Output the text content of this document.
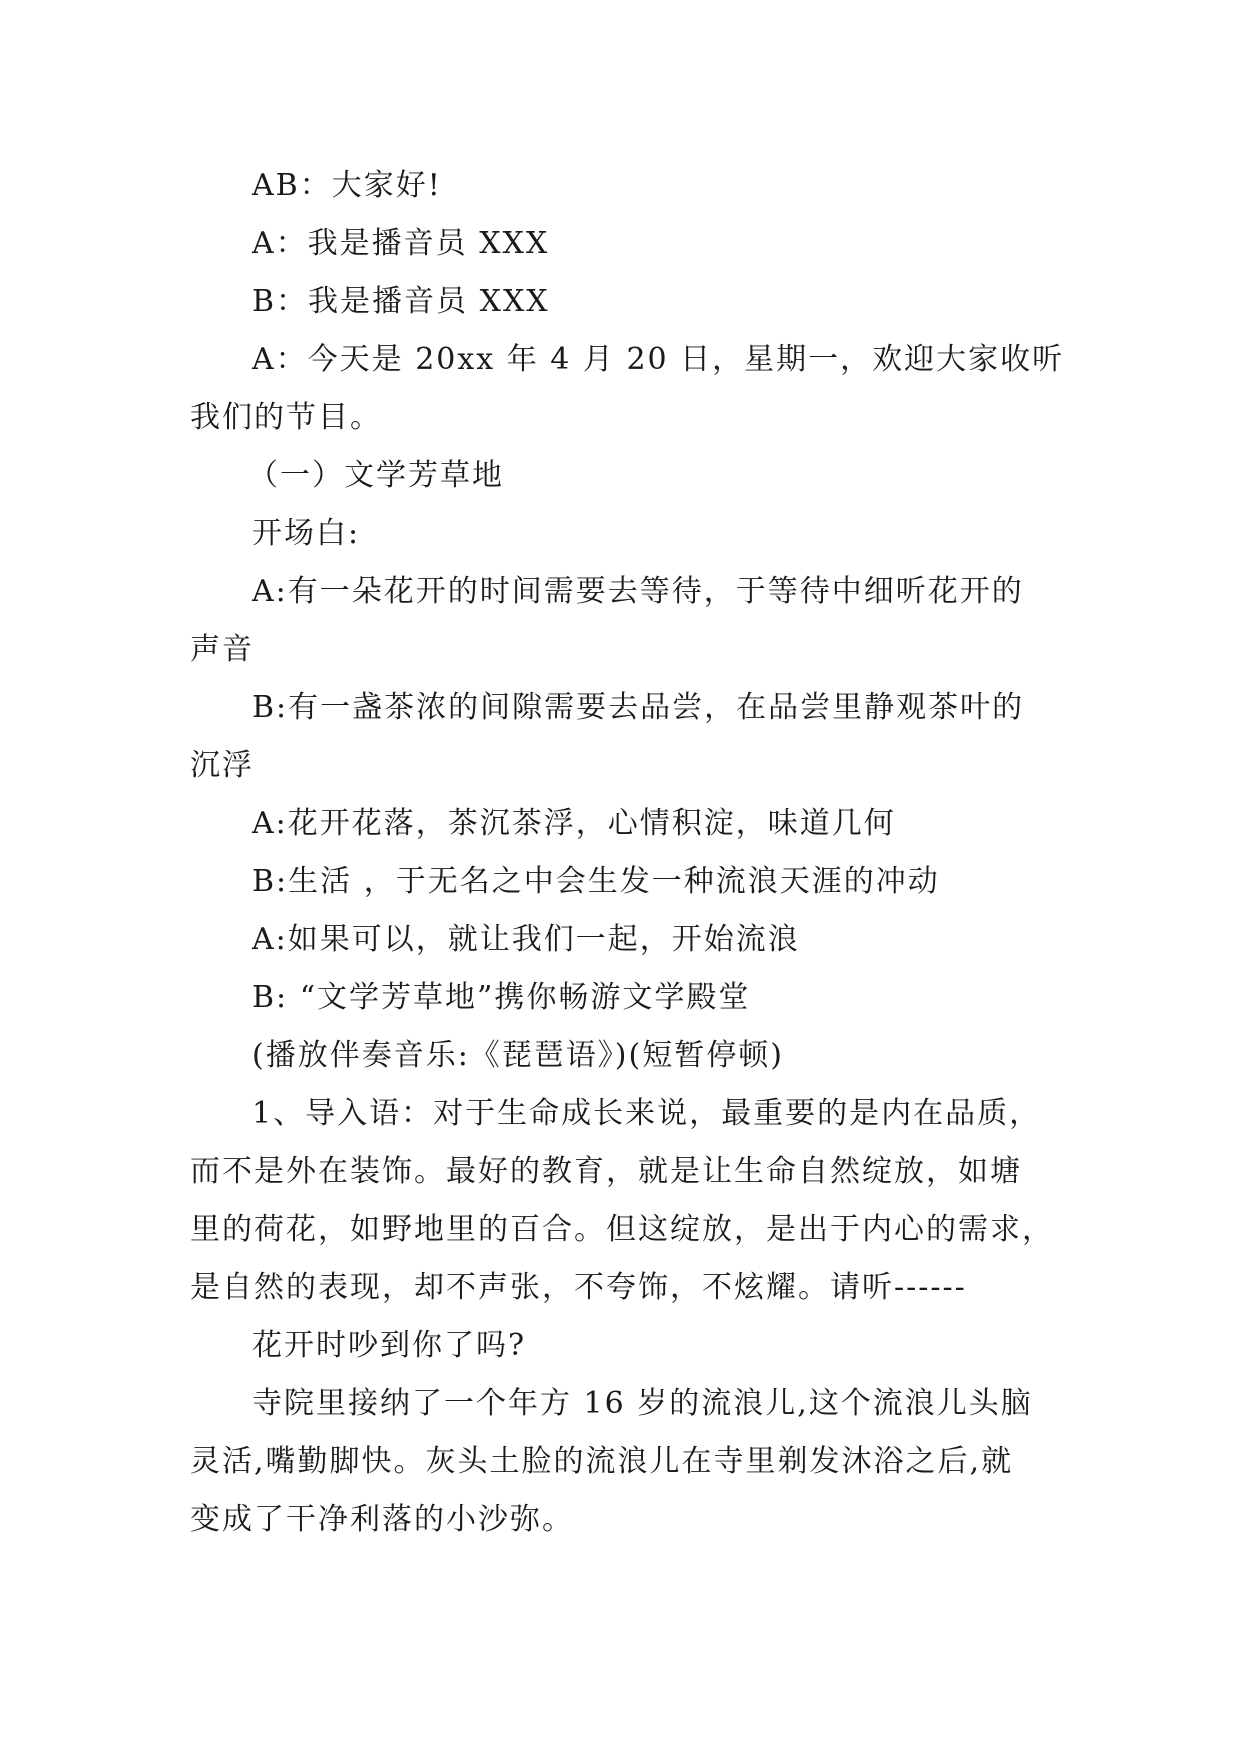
AB：大家好!
A：我是播音员 XXX
B：我是播音员 XXX
A：今天是 20xx 年 4 月 20 日，星期一，欢迎大家收听
我们的节目。
（一）文学芳草地
开场白:
A:有一朵花开的时间需要去等待，于等待中细听花开的
声音
B:有一盏茶浓的间隙需要去品尝，在品尝里静观茶叶的
沉浮
A:花开花落，茶沉茶浮，心情积淀，味道几何
B:生活 ，于无名之中会生发一种流浪天涯的冲动
A:如果可以，就让我们一起，开始流浪
B: “文学芳草地”携你畅游文学殿堂
(播放伴奏音乐:《琵琶语》)(短暂停顿)
1、导入语：对于生命成长来说，最重要的是内在品质，
而不是外在装饰。最好的教育，就是让生命自然绽放，如塘
里的荷花，如野地里的百合。但这绽放，是出于内心的需求，
是自然的表现，却不声张，不夸饰，不炫耀。请听------
花开时吵到你了吗?
寺院里接纳了一个年方 16 岁的流浪儿,这个流浪儿头脑
灵活,嘴勤脚快。灰头土脸的流浪儿在寺里剃发沐浴之后,就
变成了干净利落的小沙弥。
